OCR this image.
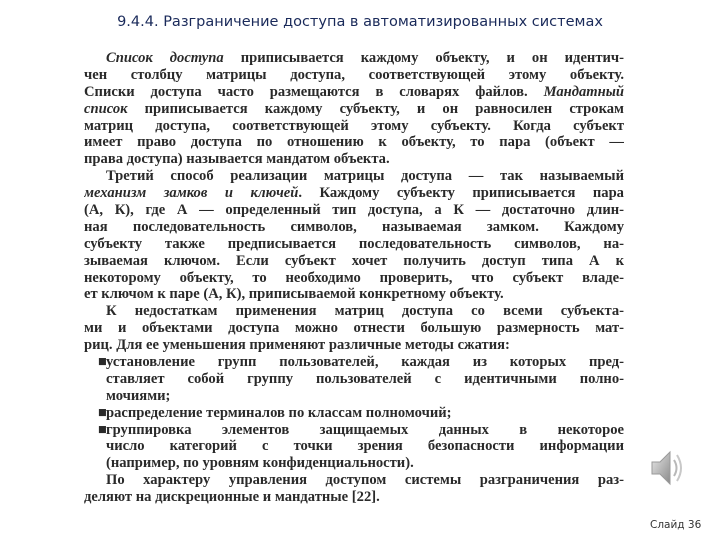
9.4.4. Разграничение доступа в автоматизированных системах
Список доступа приписывается каждому объекту, и он идентич-
чен столбцу матрицы доступа, соответствующей этому объекту.
Списки доступа часто размещаются в словарях файлов. Мандатный
список приписывается каждому субъекту, и он равносилен строкам
матриц доступа, соответствующей этому субъекту. Когда субъект
имеет право доступа по отношению к объекту, то пара (объект —
права доступа) называется мандатом объекта.
Третий способ реализации матрицы доступа — так называемый
механизм замков и ключей. Каждому субъекту приписывается пара
(А, К), где А — определенный тип доступа, а К — достаточно длин-
ная последовательность символов, называемая замком. Каждому
субъекту также предписывается последовательность символов, на-
зываемая ключом. Если субъект хочет получить доступ типа А к
некоторому объекту, то необходимо проверить, что субъект владе-
ет ключом к паре (А, К), приписываемой конкретному объекту.
К недостаткам применения матриц доступа со всеми субъекта-
ми и объектами доступа можно отнести большую размерность мат-
риц. Для ее уменьшения применяют различные методы сжатия:
■ установление групп пользователей, каждая из которых пред-
ставляет собой группу пользователей с идентичными полно-
мочиями;
■ распределение терминалов по классам полномочий;
■ группировка элементов защищаемых данных в некоторое
число категорий с точки зрения безопасности информации
(например, по уровням конфиденциальности).
По характеру управления доступом системы разграничения раз-
деляют на дискреционные и мандатные [22].
Слайд 36
